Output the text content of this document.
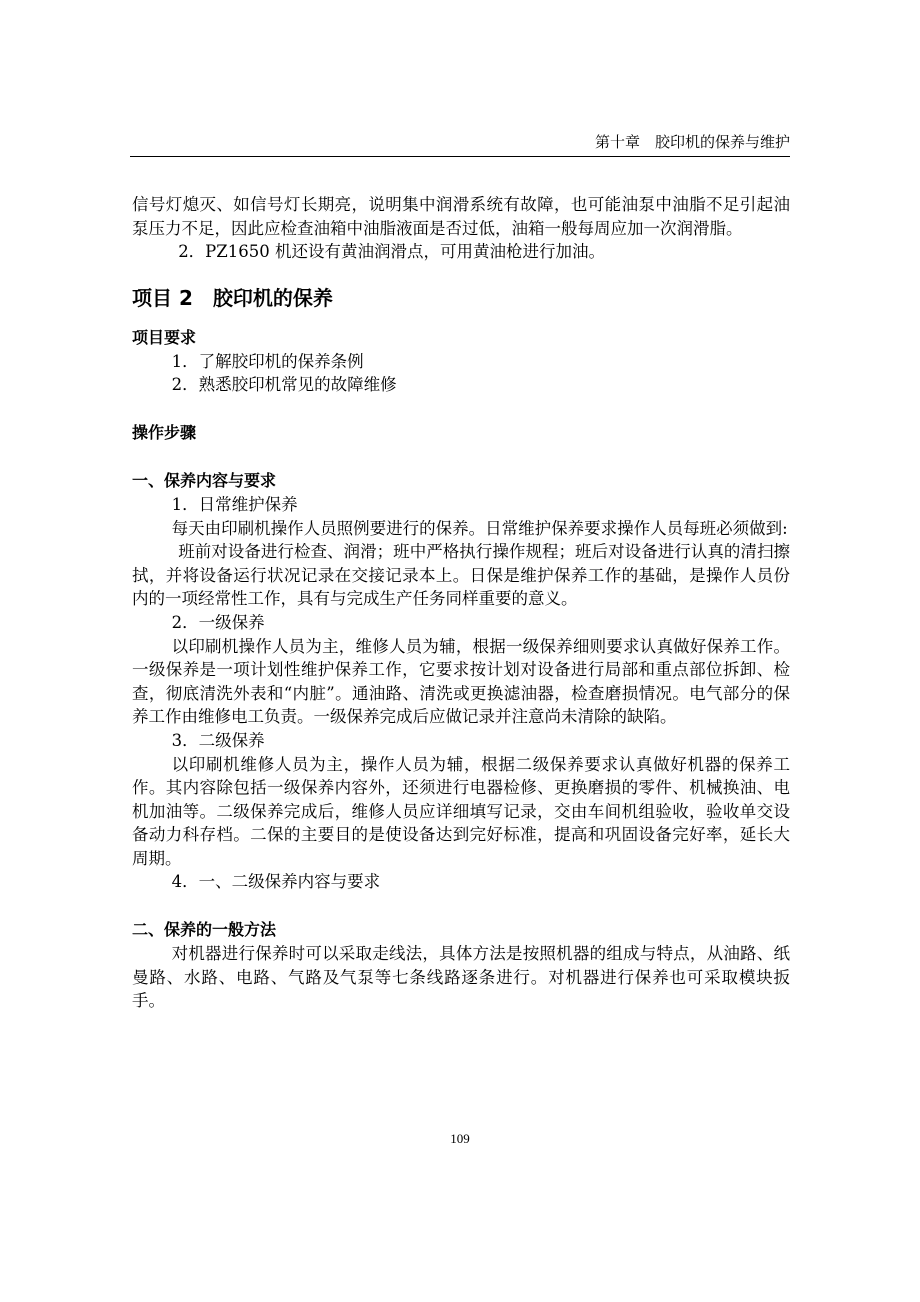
第十章　胶印机的保养与维护

信号灯熄灭、如信号灯长期亮，说明集中润滑系统有故障，也可能油泵中油脂不足引起油泵压力不足，因此应检查油箱中油脂液面是否过低，油箱一般每周应加一次润滑脂。

2．PZ1650 机还设有黄油润滑点，可用黄油枪进行加油。

项目 2　胶印机的保养
项目要求

1．了解胶印机的保养条例

2．熟悉胶印机常见的故障维修

操作步骤
一、保养内容与要求

1．日常维护保养

每天由印刷机操作人员照例要进行的保养。日常维护保养要求操作人员每班必须做到:

班前对设备进行检查、润滑；班中严格执行操作规程；班后对设备进行认真的清扫擦拭，并将设备运行状况记录在交接记录本上。日保是维护保养工作的基础，是操作人员份内的一项经常性工作，具有与完成生产任务同样重要的意义。

2．一级保养

以印刷机操作人员为主，维修人员为辅，根据一级保养细则要求认真做好保养工作。一级保养是一项计划性维护保养工作，它要求按计划对设备进行局部和重点部位拆卸、检查，彻底清洗外表和“内脏”。通油路、清洗或更换滤油器，检查磨损情况。电气部分的保养工作由维修电工负责。一级保养完成后应做记录并注意尚未清除的缺陷。

3．二级保养

以印刷机维修人员为主，操作人员为辅，根据二级保养要求认真做好机器的保养工作。其内容除包括一级保养内容外，还须进行电器检修、更换磨损的零件、机械换油、电机加油等。二级保养完成后，维修人员应详细填写记录，交由车间机组验收，验收单交设备动力科存档。二保的主要目的是使设备达到完好标准，提高和巩固设备完好率，延长大周期。

4．一、二级保养内容与要求

二、保养的一般方法

对机器进行保养时可以采取走线法，具体方法是按照机器的组成与特点，从油路、纸曼路、水路、电路、气路及气泵等七条线路逐条进行。对机器进行保养也可采取模块扳手。

109
